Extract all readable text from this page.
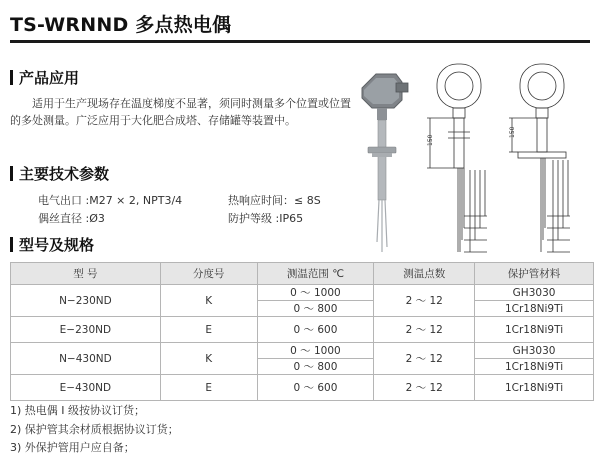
TS-WRNND 多点热电偶
产品应用
适用于生产现场存在温度梯度不显著，须同时测量多个位置或位置的多处测量。广泛应用于大化肥合成塔、存储罐等装置中。
主要技术参数
电气出口 :M27 × 2, NPT3/4	热响应时间：≤ 8S
偶丝直径 :Ø3	防护等级 :IP65
型号及规格
150
150
型 号	分度号	测温范围 ℃	测温点数	保护管材料
N−230ND	K	0 ～ 1000	2 ～ 12	GH3030
		0 ～ 800		1Cr18Ni9Ti
E−230ND	E	0 ～ 600	2 ～ 12	1Cr18Ni9Ti
N−430ND	K	0 ～ 1000	2 ～ 12	GH3030
		0 ～ 800		1Cr18Ni9Ti
E−430ND	E	0 ～ 600	2 ～ 12	1Cr18Ni9Ti
1) 热电偶 I 级按协议订货；
2) 保护管其余材质根据协议订货；
3) 外保护管用户应自备；
